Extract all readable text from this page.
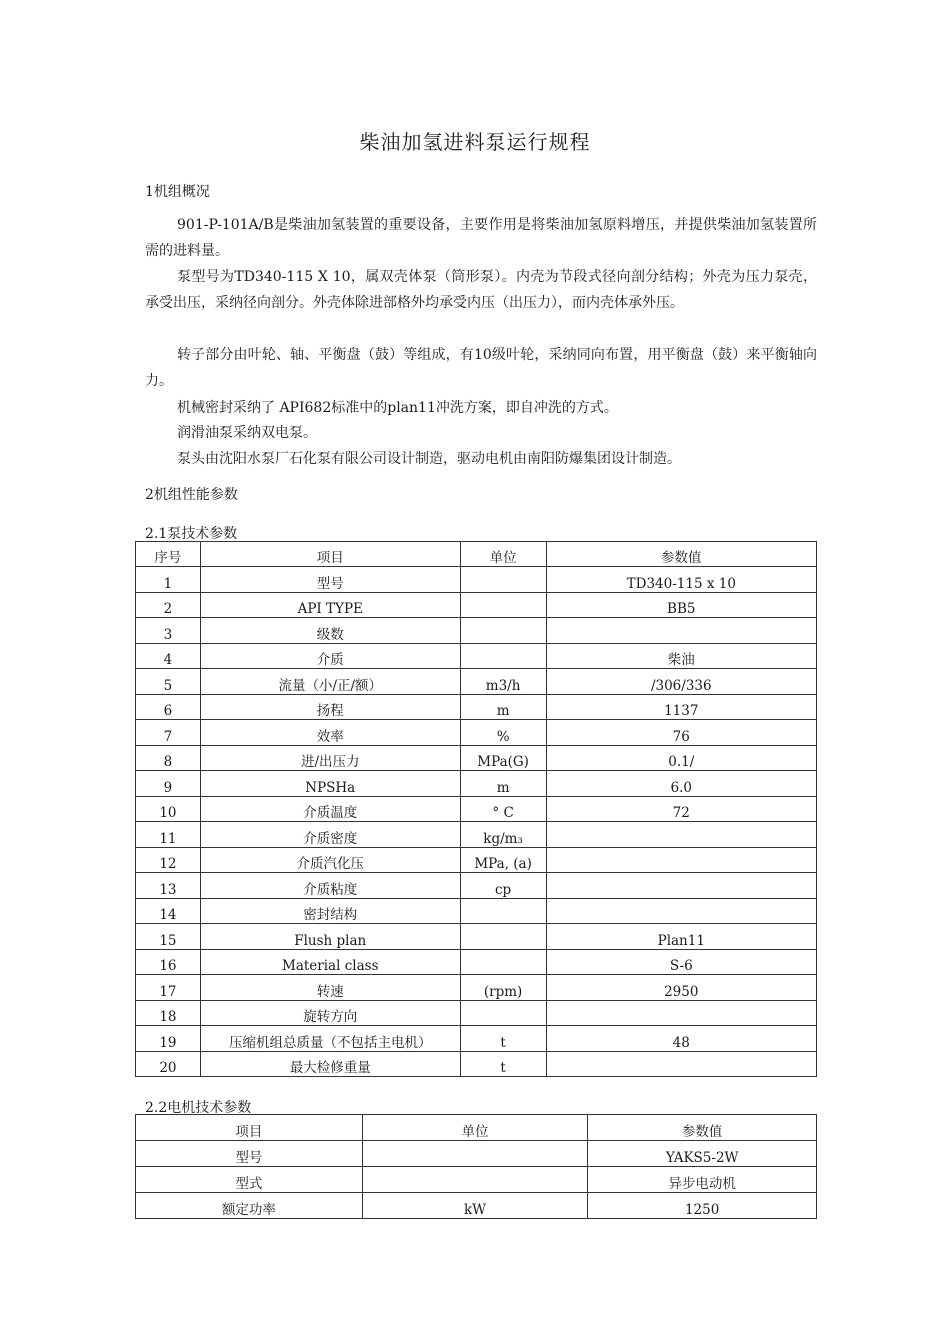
柴油加氢进料泵运行规程
1机组概况
901-P-101A/B是柴油加氢装置的重要设备，主要作用是将柴油加氢原料增压，并提供柴油加氢装置所需的进料量。
泵型号为TD340-115 X 10，属双壳体泵（筒形泵）。内壳为节段式径向剖分结构；外壳为压力泵壳，承受出压，采纳径向剖分。外壳体除进部格外均承受内压（出压力），而内壳体承外压。
转子部分由叶轮、轴、平衡盘（鼓）等组成，有10级叶轮，采纳同向布置，用平衡盘（鼓）来平衡轴向力。
机械密封采纳了 API682标准中的plan11冲洗方案，即自冲洗的方式。
润滑油泵采纳双电泵。
泵头由沈阳水泵厂石化泵有限公司设计制造，驱动电机由南阳防爆集团设计制造。
2机组性能参数
2.1泵技术参数
序号	项目	单位	参数值
1	型号		TD340-115 x 10
2	API TYPE		BB5
3	级数		
4	介质		柴油
5	流量（小/正/额）	m3/h	/306/336
6	扬程	m	1137
7	效率	%	76
8	进/出压力	MPa(G)	0.1/
9	NPSHa	m	6.0
10	介质温度	° C	72
11	介质密度	kg/m₃	
12	介质汽化压	MPa, (a)	
13	介质粘度	cp	
14	密封结构		
15	Flush plan		Plan11
16	Material class		S-6
17	转速	(rpm)	2950
18	旋转方向		
19	压缩机组总质量（不包括主电机）	t	48
20	最大检修重量	t	
2.2电机技术参数
项目	单位	参数值
型号		YAKS5-2W
型式		异步电动机
额定功率	kW	1250
